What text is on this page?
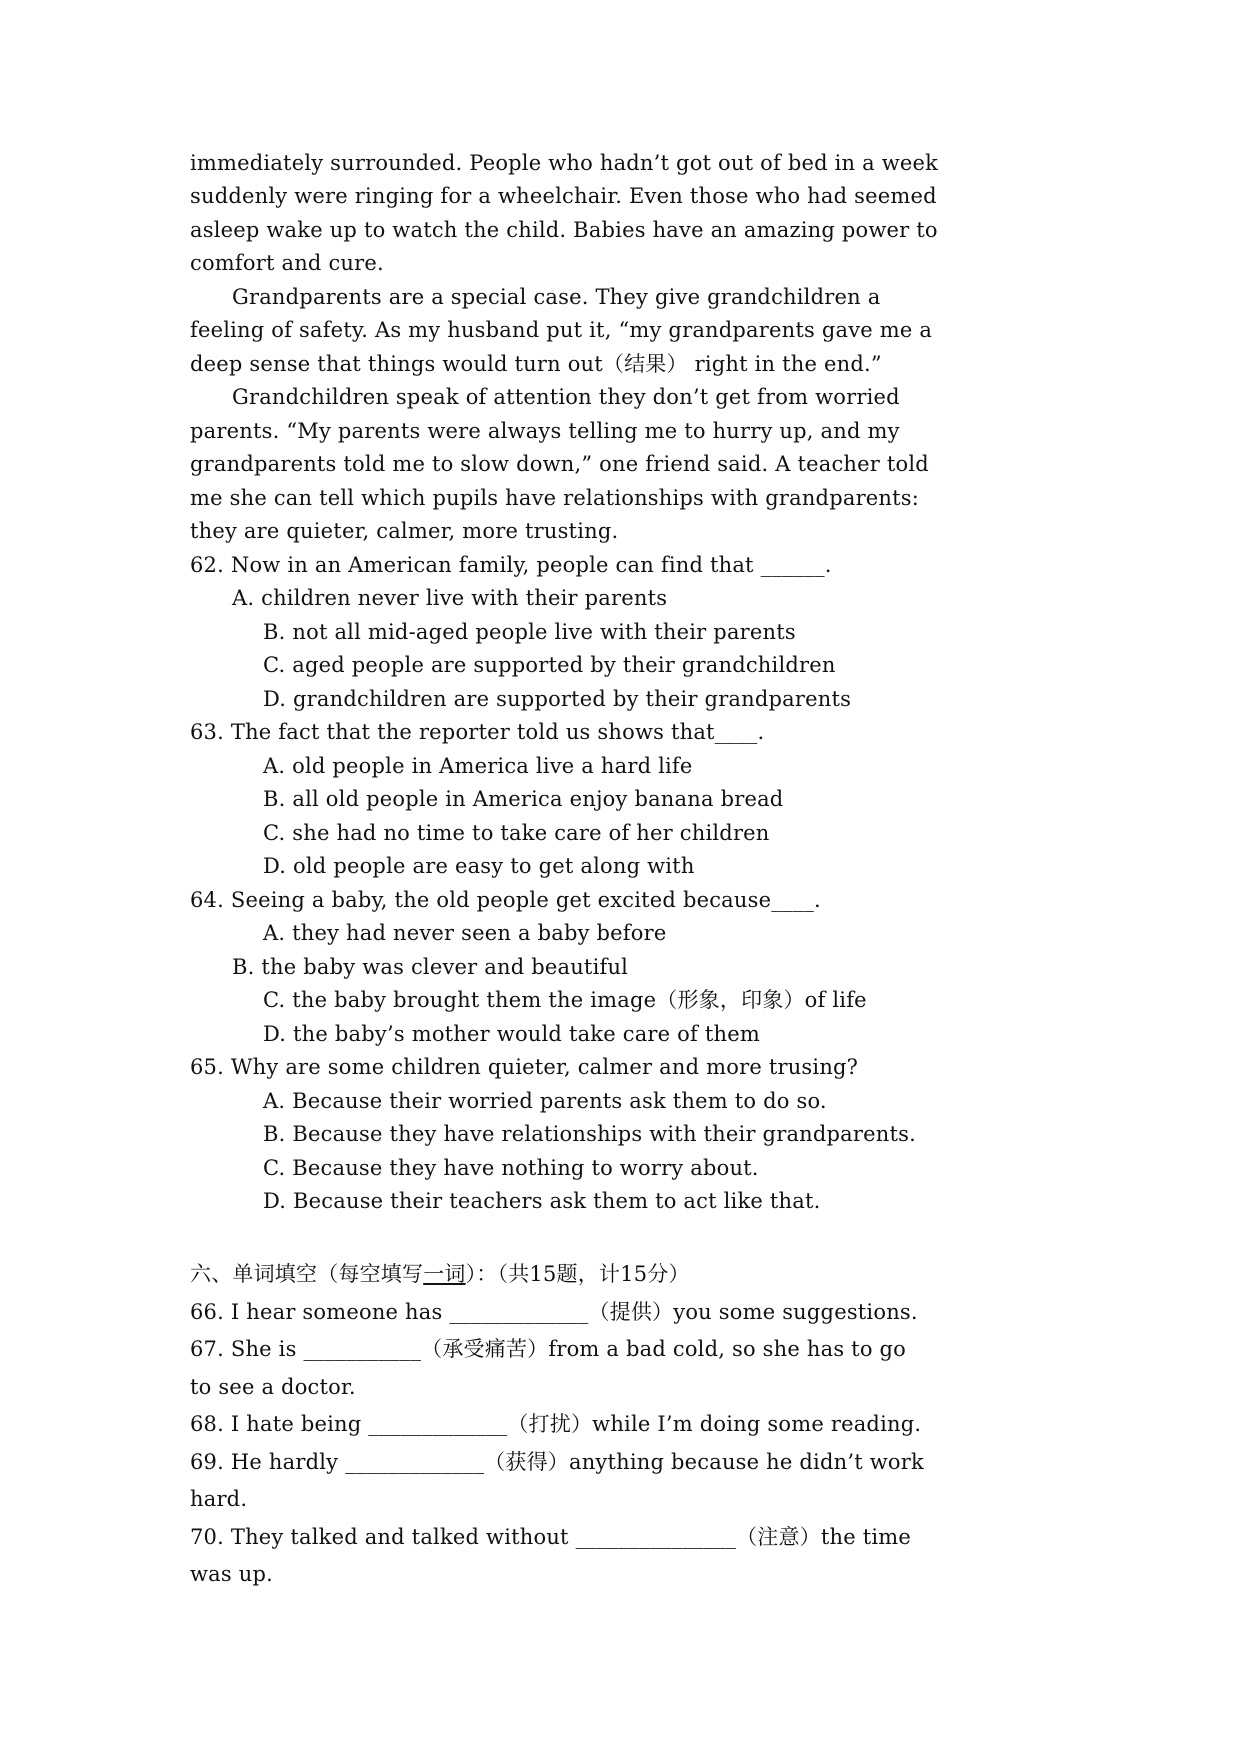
immediately surrounded. People who hadn’t got out of bed in a week
suddenly were ringing for a wheelchair. Even those who had seemed
asleep wake up to watch the child. Babies have an amazing power to
comfort and cure.
Grandparents are a special case. They give grandchildren a
feeling of safety. As my husband put it, “my grandparents gave me a
deep sense that things would turn out（结果） right in the end.”
Grandchildren speak of attention they don’t get from worried
parents. “My parents were always telling me to hurry up, and my
grandparents told me to slow down,” one friend said. A teacher told
me she can tell which pupils have relationships with grandparents:
they are quieter, calmer, more trusting.
62. Now in an American family, people can find that ______.
A. children never live with their parents
B. not all mid-aged people live with their parents
C. aged people are supported by their grandchildren
D. grandchildren are supported by their grandparents
63. The fact that the reporter told us shows that____.
A. old people in America live a hard life
B. all old people in America enjoy banana bread
C. she had no time to take care of her children
D. old people are easy to get along with
64. Seeing a baby, the old people get excited because____.
A. they had never seen a baby before
B. the baby was clever and beautiful
C. the baby brought them the image（形象，印象）of life
D. the baby’s mother would take care of them
65. Why are some children quieter, calmer and more trusing?
A. Because their worried parents ask them to do so.
B. Because they have relationships with their grandparents.
C. Because they have nothing to worry about.
D. Because their teachers ask them to act like that.
六、单词填空（每空填写一词）：（共15题，计15分）
66. I hear someone has _____________（提供）you some suggestions.
67. She is ___________（承受痛苦）from a bad cold, so she has to go
to see a doctor.
68. I hate being _____________（打扰）while I’m doing some reading.
69. He hardly _____________（获得）anything because he didn’t work
hard.
70. They talked and talked without _______________（注意）the time
was up.
